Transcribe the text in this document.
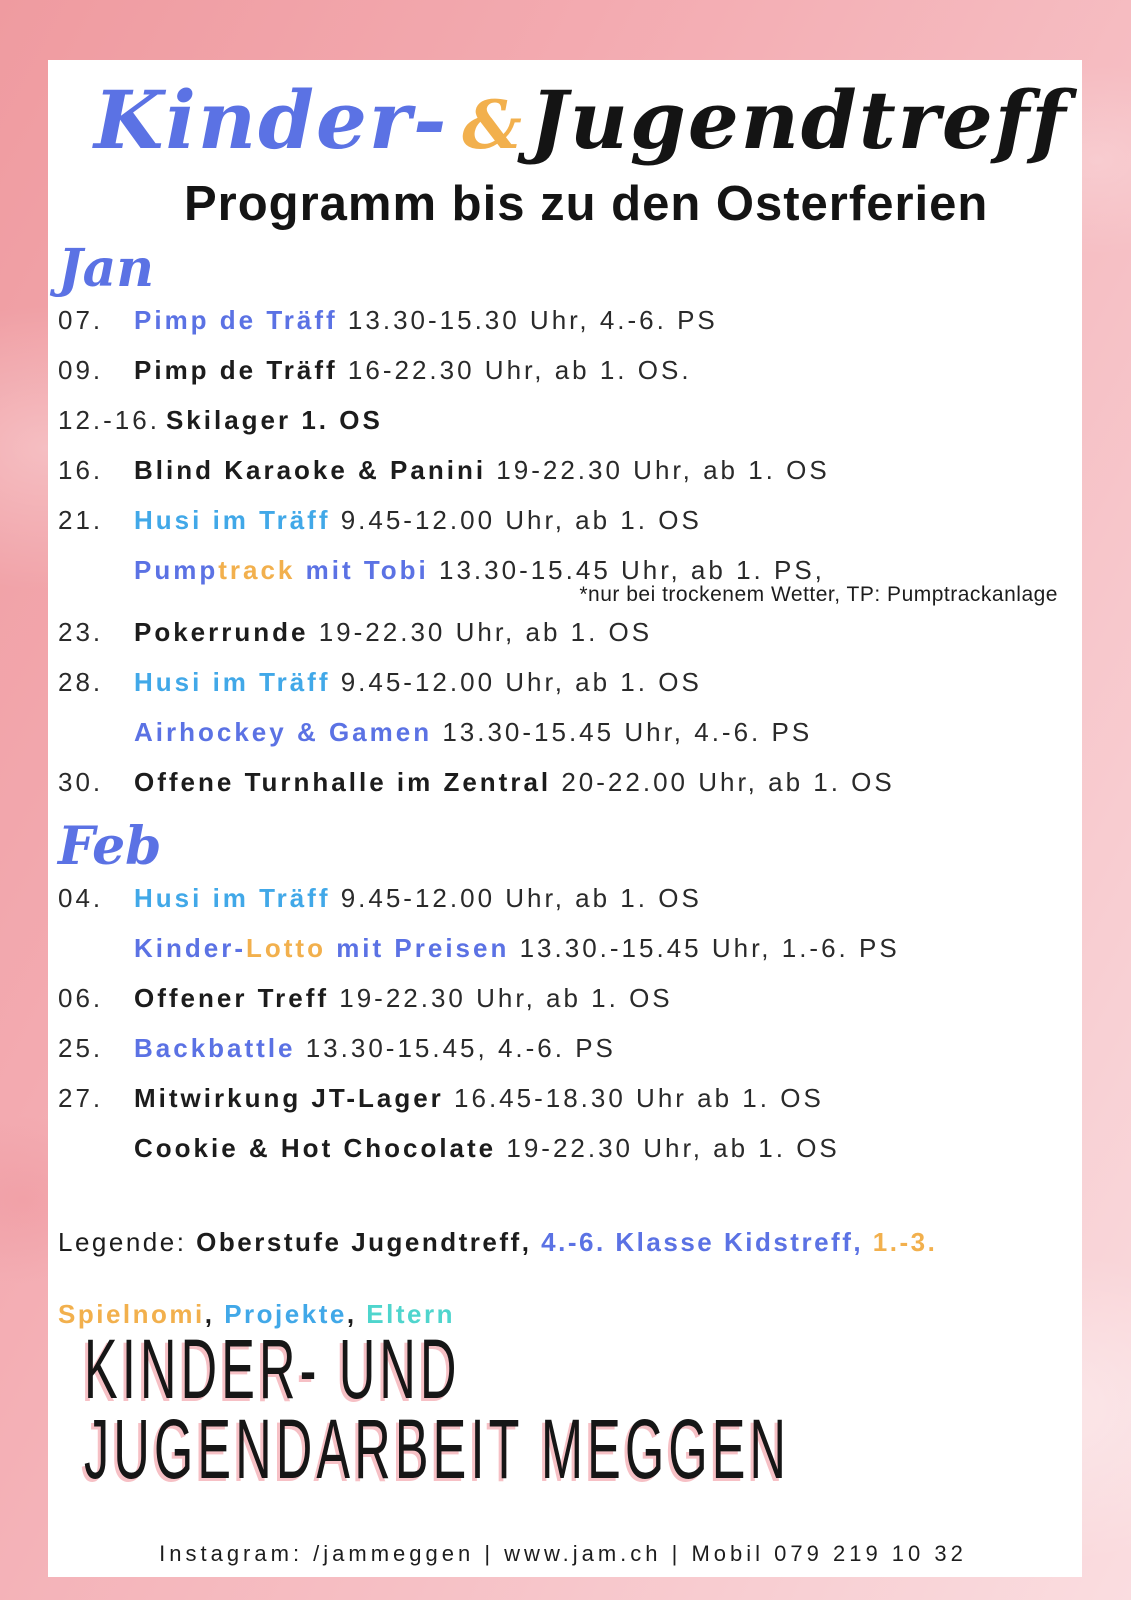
Kinder- &Jugendtreff
Programm bis zu den Osterferien
Jan
07.	Pimp de Träff 13.30-15.30 Uhr, 4.-6. PS
09.	Pimp de Träff 16-22.30 Uhr, ab 1. OS.
12.-16. Skilager 1. OS
16.	Blind Karaoke & Panini 19-22.30 Uhr, ab 1. OS
21.	Husi im Träff 9.45-12.00 Uhr, ab 1. OS
Pumptrack mit Tobi 13.30-15.45 Uhr, ab 1. PS,
*nur bei trockenem Wetter, TP: Pumptrackanlage
23.	Pokerrunde 19-22.30 Uhr, ab 1. OS
28.	Husi im Träff 9.45-12.00 Uhr, ab 1. OS
Airhockey & Gamen 13.30-15.45 Uhr, 4.-6. PS
30.	Offene Turnhalle im Zentral 20-22.00 Uhr, ab 1. OS
Feb
04.	Husi im Träff 9.45-12.00 Uhr, ab 1. OS
Kinder-Lotto mit Preisen 13.30.-15.45 Uhr, 1.-6. PS
06.	Offener Treff 19-22.30 Uhr, ab 1. OS
25.	Backbattle 13.30-15.45, 4.-6. PS
27.	Mitwirkung JT-Lager 16.45-18.30 Uhr ab 1. OS
Cookie & Hot Chocolate 19-22.30 Uhr, ab 1. OS
Legende: Oberstufe Jugendtreff, 4.-6. Klasse Kidstreff, 1.-3.
Spielnomi, Projekte, Eltern
KINDER- UND
JUGENDARBEIT MEGGEN
Instagram: /jammeggen | www.jam.ch | Mobil 079 219 10 32
